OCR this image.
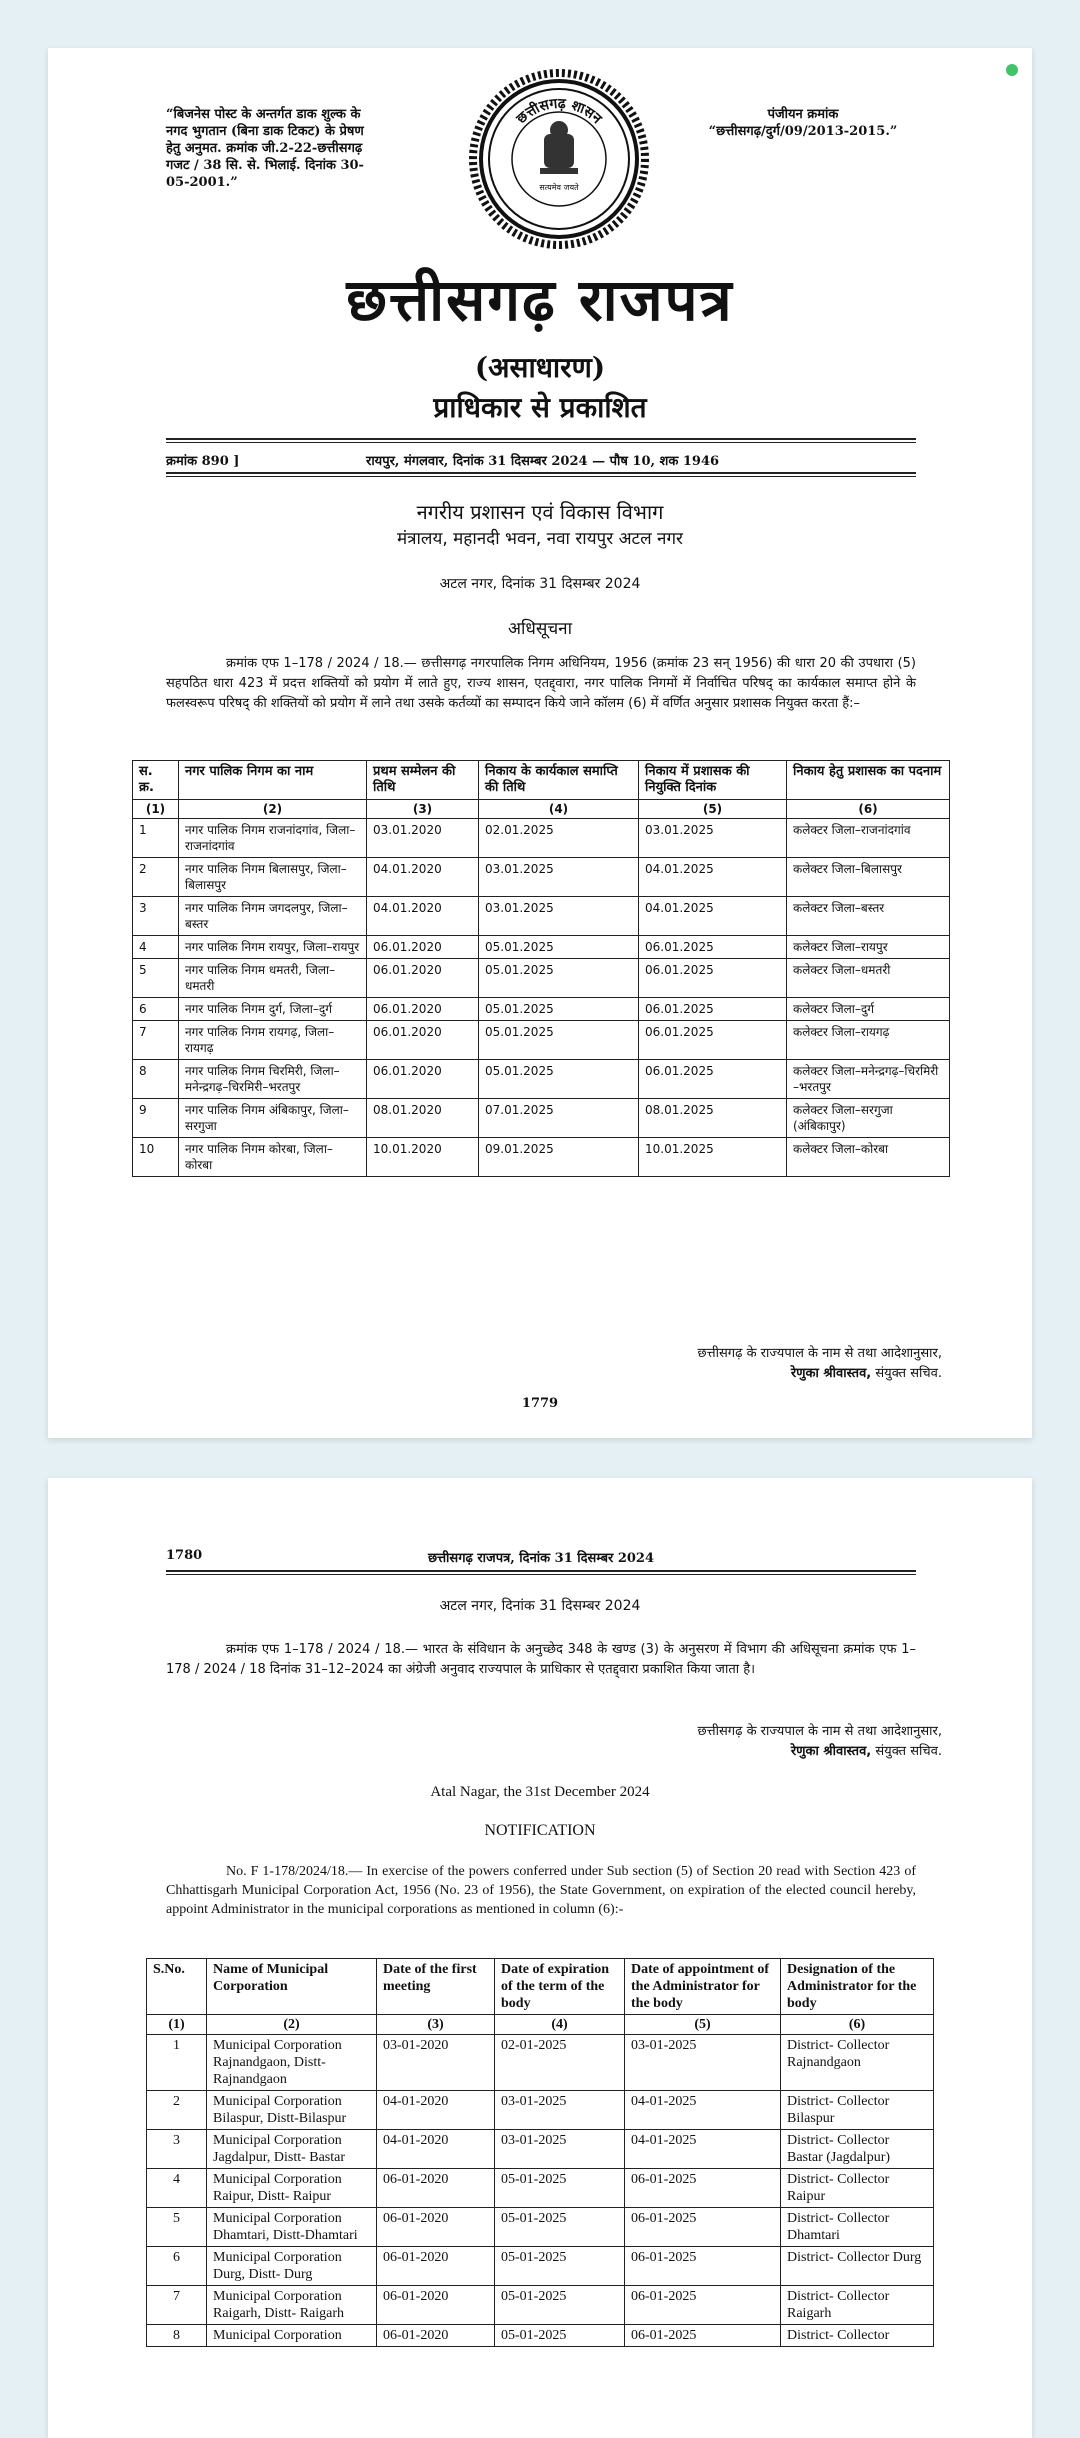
“बिजनेस पोस्ट के अन्तर्गत डाक शुल्क के नगद भुगतान (बिना डाक टिकट) के प्रेषण हेतु अनुमत. क्रमांक जी.2-22-छत्तीसगढ़ गजट / 38 सि. से. भिलाई. दिनांक 30-05-2001.”
छत्तीसगढ़ शासन
सत्यमेव जयते
पंजीयन क्रमांक
“छत्तीसगढ़/दुर्ग/09/2013-2015.”
छत्तीसगढ़ राजपत्र
(असाधारण)
प्राधिकार से प्रकाशित
क्रमांक 890 ]	रायपुर, मंगलवार, दिनांक 31 दिसम्बर 2024 — पौष 10, शक 1946
नगरीय प्रशासन एवं विकास विभाग
मंत्रालय, महानदी भवन, नवा रायपुर अटल नगर
अटल नगर, दिनांक 31 दिसम्बर 2024
अधिसूचना
क्रमांक एफ 1–178 / 2024 / 18.— छत्तीसगढ़ नगरपालिक निगम अधिनियम, 1956 (क्रमांक 23 सन् 1956) की धारा 20 की उपधारा (5) सहपठित धारा 423 में प्रदत्त शक्तियों को प्रयोग में लाते हुए, राज्य शासन, एतद्द्वारा, नगर पालिक निगमों में निर्वाचित परिषद् का कार्यकाल समाप्त होने के फलस्वरूप परिषद् की शक्तियों को प्रयोग में लाने तथा उसके कर्तव्यों का सम्पादन किये जाने कॉलम (6) में वर्णित अनुसार प्रशासक नियुक्त करता हैं:–
स. क्र.	नगर पालिक निगम का नाम	प्रथम सम्मेलन की तिथि	निकाय के कार्यकाल समाप्ति की तिथि	निकाय में प्रशासक की नियुक्ति दिनांक	निकाय हेतु प्रशासक का पदनाम
(1)	(2)	(3)	(4)	(5)	(6)
1	नगर पालिक निगम राजनांदगांव, जिला–राजनांदगांव	03.01.2020	02.01.2025	03.01.2025	कलेक्टर जिला–राजनांदगांव
2	नगर पालिक निगम बिलासपुर, जिला–बिलासपुर	04.01.2020	03.01.2025	04.01.2025	कलेक्टर जिला–बिलासपुर
3	नगर पालिक निगम जगदलपुर, जिला–बस्तर	04.01.2020	03.01.2025	04.01.2025	कलेक्टर जिला–बस्तर
4	नगर पालिक निगम रायपुर, जिला–रायपुर	06.01.2020	05.01.2025	06.01.2025	कलेक्टर जिला–रायपुर
5	नगर पालिक निगम धमतरी, जिला–धमतरी	06.01.2020	05.01.2025	06.01.2025	कलेक्टर जिला–धमतरी
6	नगर पालिक निगम दुर्ग, जिला–दुर्ग	06.01.2020	05.01.2025	06.01.2025	कलेक्टर जिला–दुर्ग
7	नगर पालिक निगम रायगढ़, जिला–रायगढ़	06.01.2020	05.01.2025	06.01.2025	कलेक्टर जिला–रायगढ़
8	नगर पालिक निगम चिरमिरी, जिला–मनेन्द्रगढ़–चिरमिरी–भरतपुर	06.01.2020	05.01.2025	06.01.2025	कलेक्टर जिला–मनेन्द्रगढ़–चिरमिरी –भरतपुर
9	नगर पालिक निगम अंबिकापुर, जिला–सरगुजा	08.01.2020	07.01.2025	08.01.2025	कलेक्टर जिला–सरगुजा (अंबिकापुर)
10	नगर पालिक निगम कोरबा, जिला–कोरबा	10.01.2020	09.01.2025	10.01.2025	कलेक्टर जिला–कोरबा
छत्तीसगढ़ के राज्यपाल के नाम से तथा आदेशानुसार,
रेणुका श्रीवास्तव, संयुक्त सचिव.
1779
1780	छत्तीसगढ़ राजपत्र, दिनांक 31 दिसम्बर 2024
अटल नगर, दिनांक 31 दिसम्बर 2024
क्रमांक एफ 1–178 / 2024 / 18.— भारत के संविधान के अनुच्छेद 348 के खण्ड (3) के अनुसरण में विभाग की अधिसूचना क्रमांक एफ 1–178 / 2024 / 18 दिनांक 31–12–2024 का अंग्रेजी अनुवाद राज्यपाल के प्राधिकार से एतद्द्वारा प्रकाशित किया जाता है।
छत्तीसगढ़ के राज्यपाल के नाम से तथा आदेशानुसार,
रेणुका श्रीवास्तव, संयुक्त सचिव.
Atal Nagar, the 31st December 2024
NOTIFICATION
No. F 1-178/2024/18.— In exercise of the powers conferred under Sub section (5) of Section 20 read with Section 423 of Chhattisgarh Municipal Corporation Act, 1956 (No. 23 of 1956), the State Government, on expiration of the elected council hereby, appoint Administrator in the municipal corporations as mentioned in column (6):-
S.No.	Name of Municipal Corporation	Date of the first meeting	Date of expiration of the term of the body	Date of appointment of the Administrator for the body	Designation of the Administrator for the body
(1)	(2)	(3)	(4)	(5)	(6)
1	Municipal Corporation Rajnandgaon, Distt-Rajnandgaon	03-01-2020	02-01-2025	03-01-2025	District- Collector Rajnandgaon
2	Municipal Corporation Bilaspur, Distt-Bilaspur	04-01-2020	03-01-2025	04-01-2025	District- Collector Bilaspur
3	Municipal Corporation Jagdalpur, Distt- Bastar	04-01-2020	03-01-2025	04-01-2025	District- Collector Bastar (Jagdalpur)
4	Municipal Corporation Raipur, Distt- Raipur	06-01-2020	05-01-2025	06-01-2025	District- Collector Raipur
5	Municipal Corporation Dhamtari, Distt-Dhamtari	06-01-2020	05-01-2025	06-01-2025	District- Collector Dhamtari
6	Municipal Corporation Durg, Distt- Durg	06-01-2020	05-01-2025	06-01-2025	District- Collector Durg
7	Municipal Corporation Raigarh, Distt- Raigarh	06-01-2020	05-01-2025	06-01-2025	District- Collector Raigarh
8	Municipal Corporation	06-01-2020	05-01-2025	06-01-2025	District- Collector
